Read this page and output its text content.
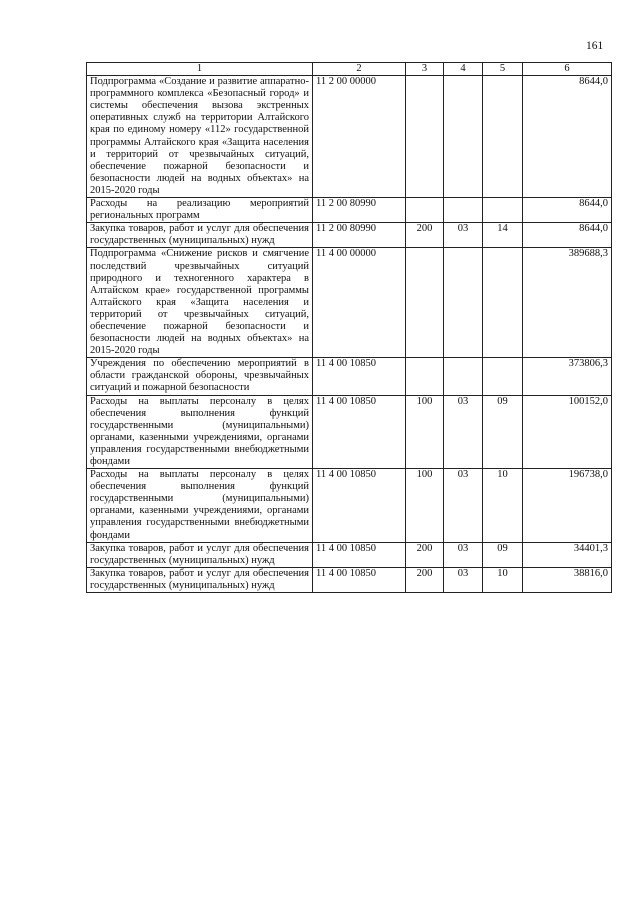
161
1	2	3	4	5	6
Подпрограмма «Создание и развитие аппаратно-программного комплекса «Безопасный город» и системы обеспечения вызова экстренных оперативных служб на территории Алтайского края по единому номеру «112» государственной программы Алтайского края «Защита населения и территорий от чрезвычайных ситуаций, обеспечение пожарной безопасности и безопасности людей на водных объектах» на 2015-2020 годы	11 2 00 00000				8644,0
Расходы на реализацию мероприятий региональных программ	11 2 00 80990				8644,0
Закупка товаров, работ и услуг для обеспечения государственных (муниципальных) нужд	11 2 00 80990	200	03	14	8644,0
Подпрограмма «Снижение рисков и смягчение последствий чрезвычайных ситуаций природного и техногенного характера в Алтайском крае» государственной программы Алтайского края «Защита населения и территорий от чрезвычайных ситуаций, обеспечение пожарной безопасности и безопасности людей на водных объектах» на 2015-2020 годы	11 4 00 00000				389688,3
Учреждения по обеспечению мероприятий в области гражданской обороны, чрезвычайных ситуаций и пожарной безопасности	11 4 00 10850				373806,3
Расходы на выплаты персоналу в целях обеспечения выполнения функций государственными (муниципальными) органами, казенными учреждениями, органами управления государственными внебюджетными фондами	11 4 00 10850	100	03	09	100152,0
Расходы на выплаты персоналу в целях обеспечения выполнения функций государственными (муниципальными) органами, казенными учреждениями, органами управления государственными внебюджетными фондами	11 4 00 10850	100	03	10	196738,0
Закупка товаров, работ и услуг для обеспечения государственных (муниципальных) нужд	11 4 00 10850	200	03	09	34401,3
Закупка товаров, работ и услуг для обеспечения государственных (муниципальных) нужд	11 4 00 10850	200	03	10	38816,0
